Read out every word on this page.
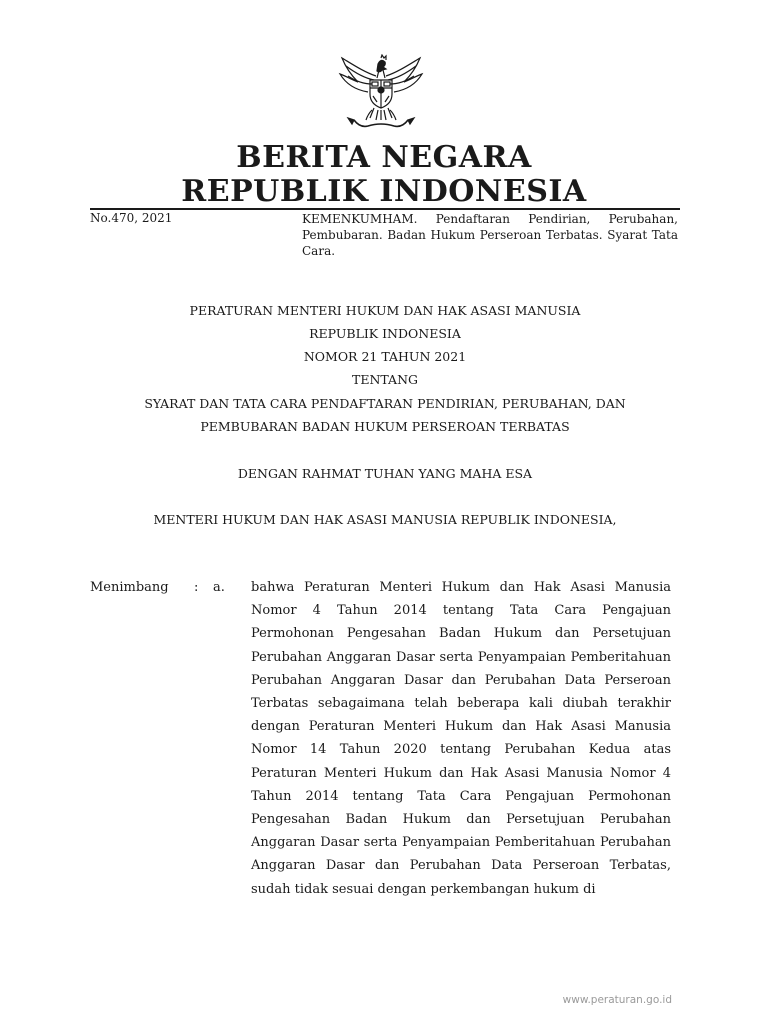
BERITA NEGARA
REPUBLIK INDONESIA
No.470, 2021	KEMENKUMHAM. Pendaftaran Pendirian, Perubahan, Pembubaran. Badan Hukum Perseroan Terbatas. Syarat Tata Cara.
PERATURAN MENTERI HUKUM DAN HAK ASASI MANUSIA
REPUBLIK INDONESIA
NOMOR 21 TAHUN 2021
TENTANG
SYARAT DAN TATA CARA PENDAFTARAN PENDIRIAN, PERUBAHAN, DAN
PEMBUBARAN BADAN HUKUM PERSEROAN TERBATAS
DENGAN RAHMAT TUHAN YANG MAHA ESA
MENTERI HUKUM DAN HAK ASASI MANUSIA REPUBLIK INDONESIA,
Menimbang : a. bahwa Peraturan Menteri Hukum dan Hak Asasi Manusia Nomor 4 Tahun 2014 tentang Tata Cara Pengajuan Permohonan Pengesahan Badan Hukum dan Persetujuan Perubahan Anggaran Dasar serta Penyampaian Pemberitahuan Perubahan Anggaran Dasar dan Perubahan Data Perseroan Terbatas sebagaimana telah beberapa kali diubah terakhir dengan Peraturan Menteri Hukum dan Hak Asasi Manusia Nomor 14 Tahun 2020 tentang Perubahan Kedua atas Peraturan Menteri Hukum dan Hak Asasi Manusia Nomor 4 Tahun 2014 tentang Tata Cara Pengajuan Permohonan Pengesahan Badan Hukum dan Persetujuan Perubahan Anggaran Dasar serta Penyampaian Pemberitahuan Perubahan Anggaran Dasar dan Perubahan Data Perseroan Terbatas, sudah tidak sesuai dengan perkembangan hukum di
www.peraturan.go.id
